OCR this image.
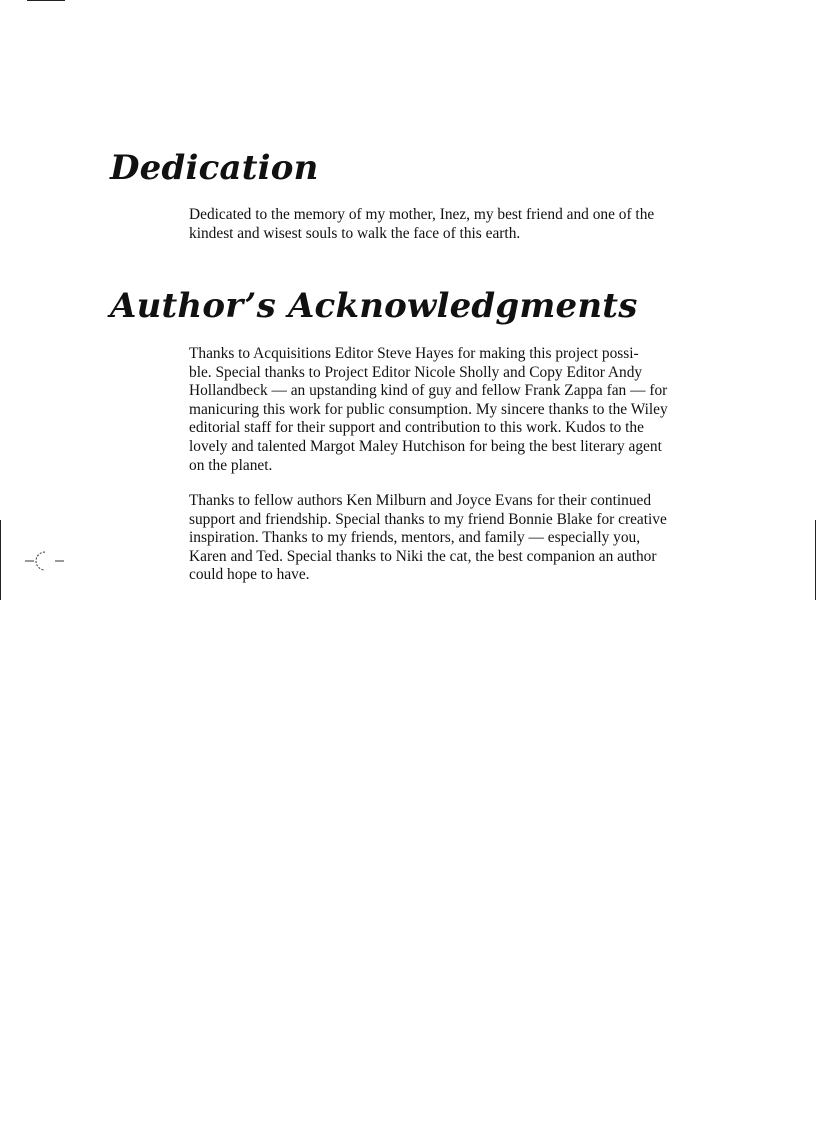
Dedication

Dedicated to the memory of my mother, Inez, my best friend and one of the
kindest and wisest souls to walk the face of this earth.

Author’s Acknowledgments

Thanks to Acquisitions Editor Steve Hayes for making this project possi-
ble. Special thanks to Project Editor Nicole Sholly and Copy Editor Andy
Hollandbeck — an upstanding kind of guy and fellow Frank Zappa fan — for
manicuring this work for public consumption. My sincere thanks to the Wiley
editorial staff for their support and contribution to this work. Kudos to the
lovely and talented Margot Maley Hutchison for being the best literary agent
on the planet.

Thanks to fellow authors Ken Milburn and Joyce Evans for their continued
support and friendship. Special thanks to my friend Bonnie Blake for creative
inspiration. Thanks to my friends, mentors, and family — especially you,
Karen and Ted. Special thanks to Niki the cat, the best companion an author
could hope to have.
